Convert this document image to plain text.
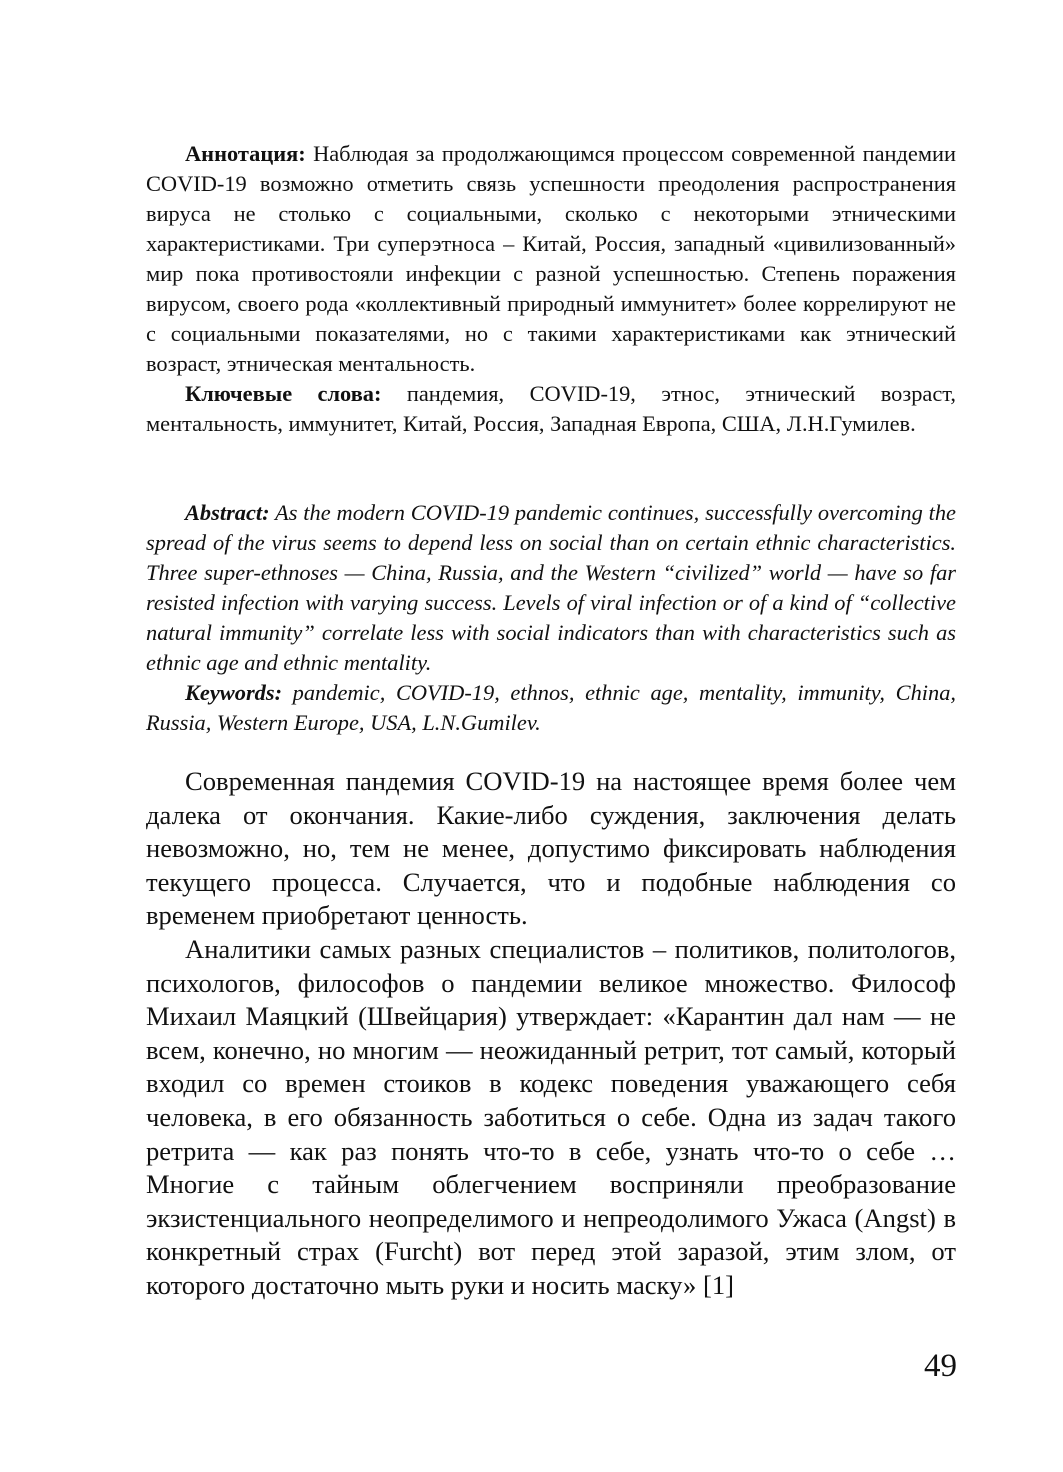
Аннотация: Наблюдая за продолжающимся процессом современной пандемии COVID-19 возможно отметить связь успешности преодоления распространения вируса не столько с социальными, сколько с некоторыми этническими характеристиками. Три суперэтноса – Китай, Россия, западный «цивилизованный» мир пока противостояли инфекции с разной успешностью. Степень поражения вирусом, своего рода «коллективный природный иммунитет» более коррелируют не с социальными показателями, но с такими характеристиками как этнический возраст, этническая ментальность.

Ключевые слова: пандемия, COVID-19, этнос, этнический возраст, ментальность, иммунитет, Китай, Россия, Западная Европа, США, Л.Н.Гумилев.

Abstract: As the modern COVID-19 pandemic continues, successfully overcoming the spread of the virus seems to depend less on social than on certain ethnic characteristics. Three super-ethnoses — China, Russia, and the Western “civilized” world — have so far resisted infection with varying success. Levels of viral infection or of a kind of “collective natural immunity” correlate less with social indicators than with characteristics such as ethnic age and ethnic mentality.

Keywords: pandemic, COVID-19, ethnos, ethnic age, mentality, immunity, China, Russia, Western Europe, USA, L.N.Gumilev.

Современная пандемия COVID-19 на настоящее время более чем далека от окончания. Какие-либо суждения, заключения делать невозможно, но, тем не менее, допустимо фиксировать наблюдения текущего процесса. Случается, что и подобные наблюдения со временем приобретают ценность.

Аналитики самых разных специалистов – политиков, политологов, психологов, философов о пандемии великое множество. Философ Михаил Маяцкий (Швейцария) утверждает: «Карантин дал нам — не всем, конечно, но многим — неожиданный ретрит, тот самый, который входил со времен стоиков в кодекс поведения уважающего себя человека, в его обязанность заботиться о себе. Одна из задач такого ретрита — как раз понять что-то в себе, узнать что-то о себе … Многие с тайным облегчением восприняли преобразование экзистенциального неопределимого и непреодолимого Ужаса (Angst) в конкретный страх (Furcht) вот перед этой заразой, этим злом, от которого достаточно мыть руки и носить маску» [1]

49
